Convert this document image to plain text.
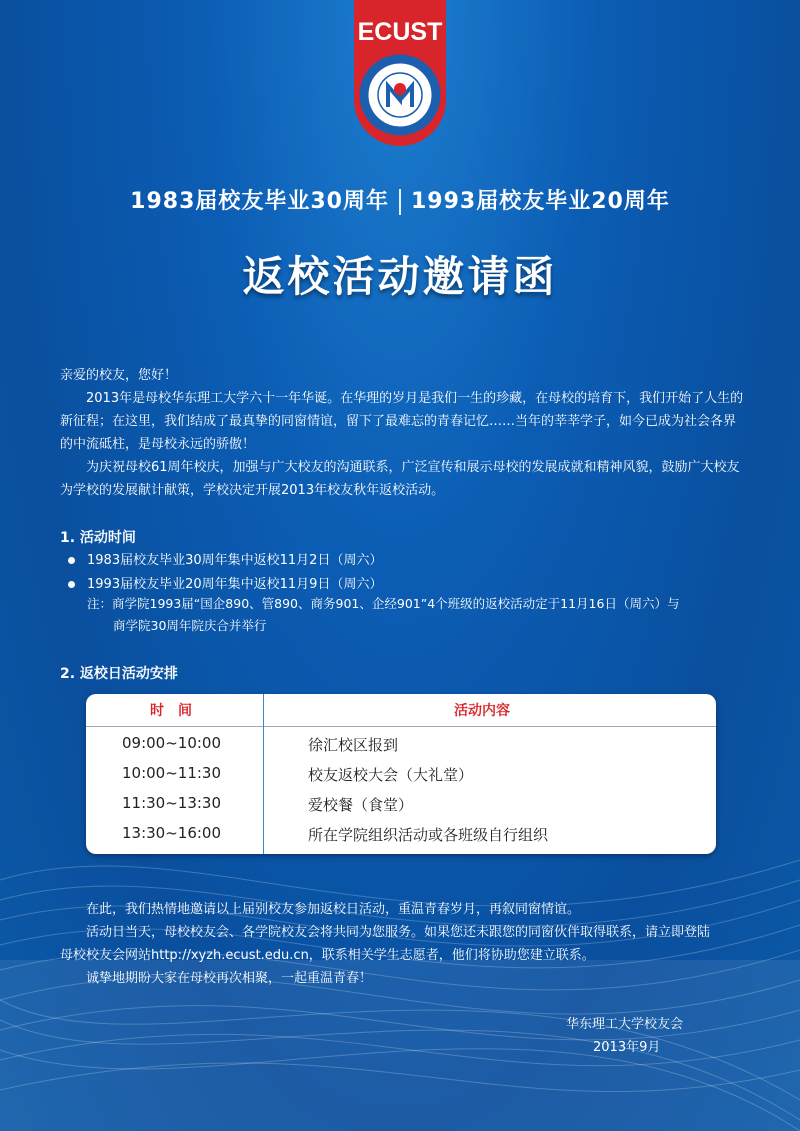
ECUST
1983届校友毕业30周年 1993届校友毕业20周年
返校活动邀请函
亲爱的校友，您好！
2013年是母校华东理工大学六十一年华诞。在华理的岁月是我们一生的珍藏，在母校的培育下，我们开始了人生的新征程；在这里，我们结成了最真挚的同窗情谊，留下了最难忘的青春记忆……当年的莘莘学子，如今已成为社会各界的中流砥柱，是母校永远的骄傲！
为庆祝母校61周年校庆，加强与广大校友的沟通联系，广泛宣传和展示母校的发展成就和精神风貌，鼓励广大校友为学校的发展献计献策，学校决定开展2013年校友秋年返校活动。
1. 活动时间
1983届校友毕业30周年集中返校11月2日（周六）
1993届校友毕业20周年集中返校11月9日（周六）
注：商学院1993届“国企890、管890、商务901、企经901”4个班级的返校活动定于11月16日（周六）与
商学院30周年院庆合并举行
2. 返校日活动安排
时　间	活动内容
09:00~10:00	徐汇校区报到
10:00~11:30	校友返校大会（大礼堂）
11:30~13:30	爱校餐（食堂）
13:30~16:00	所在学院组织活动或各班级自行组织
在此，我们热情地邀请以上届别校友参加返校日活动，重温青春岁月，再叙同窗情谊。
活动日当天，母校校友会、各学院校友会将共同为您服务。如果您还未跟您的同窗伙伴取得联系，请立即登陆
母校校友会网站http://xyzh.ecust.edu.cn，联系相关学生志愿者，他们将协助您建立联系。
诚挚地期盼大家在母校再次相聚，一起重温青春！
华东理工大学校友会
2013年9月
